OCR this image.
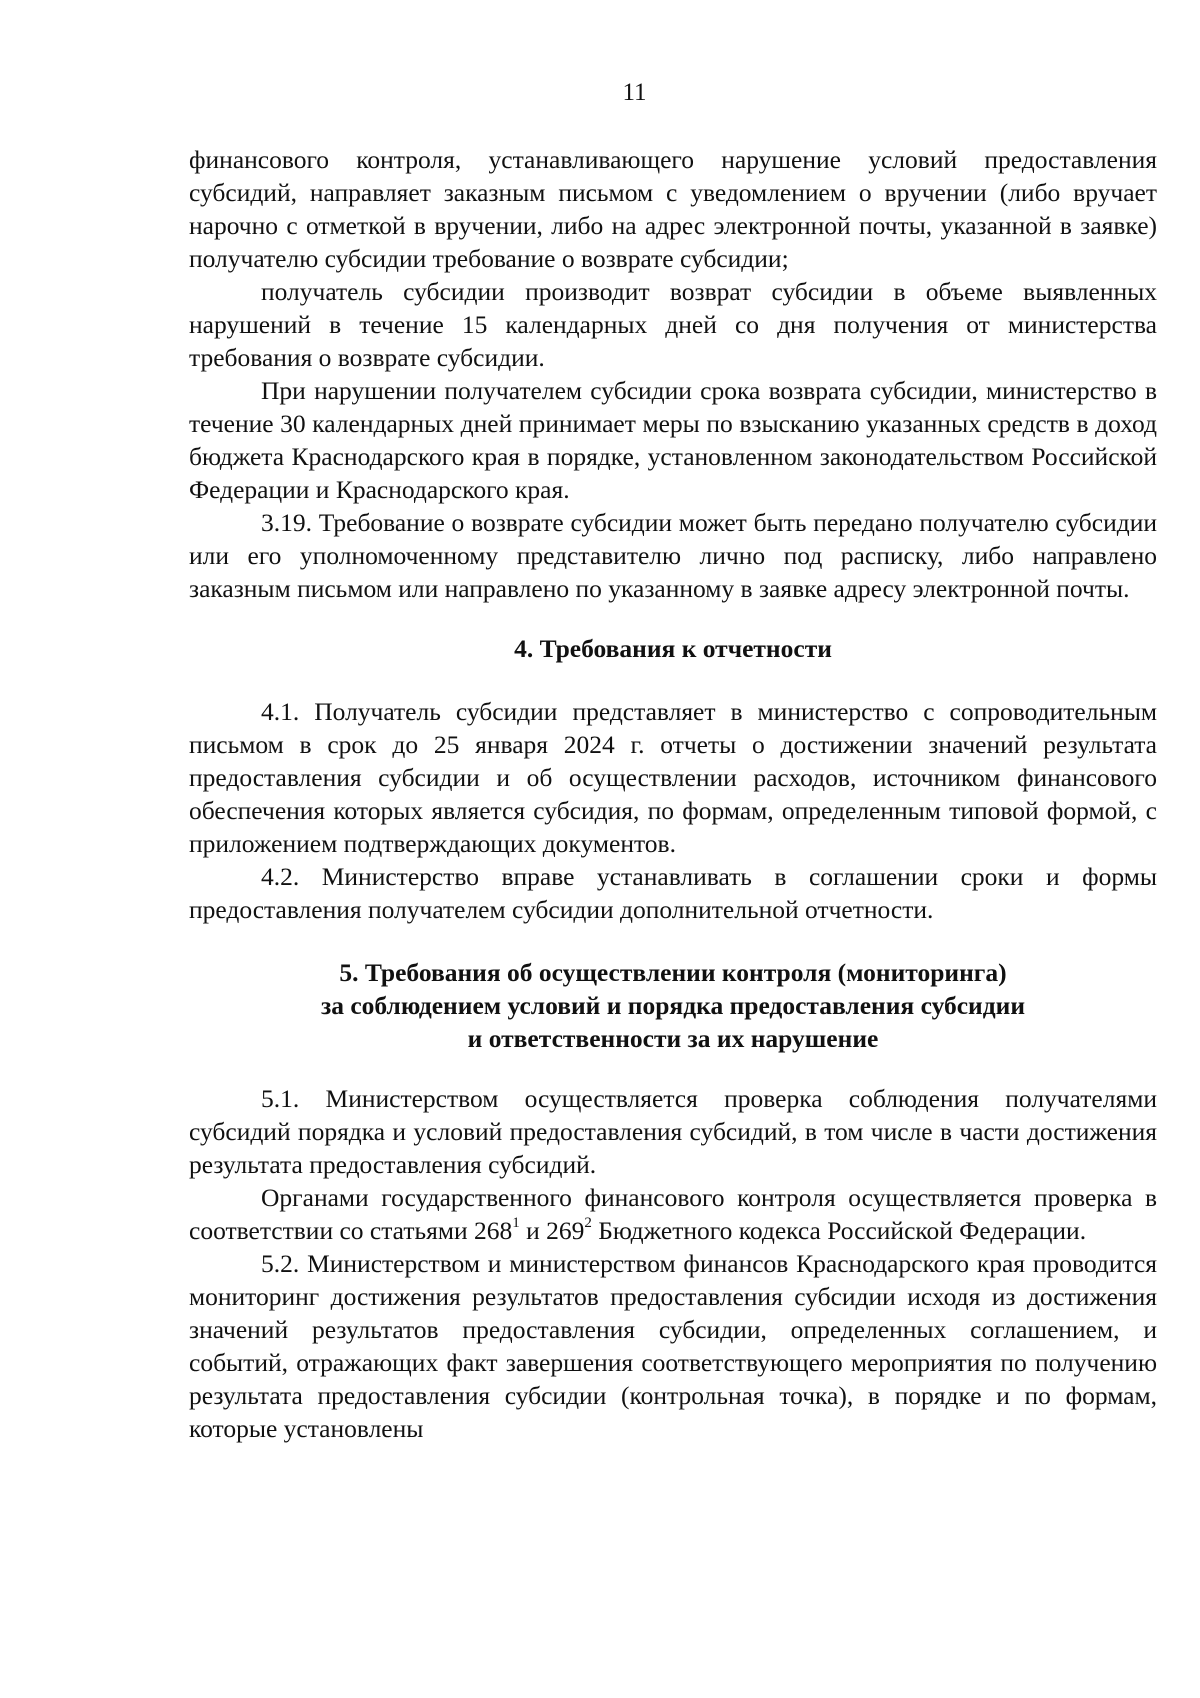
11

финансового контроля, устанавливающего нарушение условий предоставления субсидий, направляет заказным письмом с уведомлением о вручении (либо вручает нарочно с отметкой в вручении, либо на адрес электронной почты, указанной в заявке) получателю субсидии требование о возврате субсидии;

получатель субсидии производит возврат субсидии в объеме выявленных нарушений в течение 15 календарных дней со дня получения от министерства требования о возврате субсидии.

При нарушении получателем субсидии срока возврата субсидии, министерство в течение 30 календарных дней принимает меры по взысканию указанных средств в доход бюджета Краснодарского края в порядке, установленном законодательством Российской Федерации и Краснодарского края.

3.19. Требование о возврате субсидии может быть передано получателю субсидии или его уполномоченному представителю лично под расписку, либо направлено заказным письмом или направлено по указанному в заявке адресу электронной почты.

4. Требования к отчетности

4.1. Получатель субсидии представляет в министерство с сопроводительным письмом в срок до 25 января 2024 г. отчеты о достижении значений результата предоставления субсидии и об осуществлении расходов, источником финансового обеспечения которых является субсидия, по формам, определенным типовой формой, с приложением подтверждающих документов.

4.2. Министерство вправе устанавливать в соглашении сроки и формы предоставления получателем субсидии дополнительной отчетности.

5. Требования об осуществлении контроля (мониторинга)
за соблюдением условий и порядка предоставления субсидии
и ответственности за их нарушение

5.1. Министерством осуществляется проверка соблюдения получателями субсидий порядка и условий предоставления субсидий, в том числе в части достижения результата предоставления субсидий.

Органами государственного финансового контроля осуществляется проверка в соответствии со статьями $268^1$ и $269^2$ Бюджетного кодекса Российской Федерации.

5.2. Министерством и министерством финансов Краснодарского края проводится мониторинг достижения результатов предоставления субсидии исходя из достижения значений результатов предоставления субсидии, определенных соглашением, и событий, отражающих факт завершения соответствующего мероприятия по получению результата предоставления субсидии (контрольная точка), в порядке и по формам, которые установлены
